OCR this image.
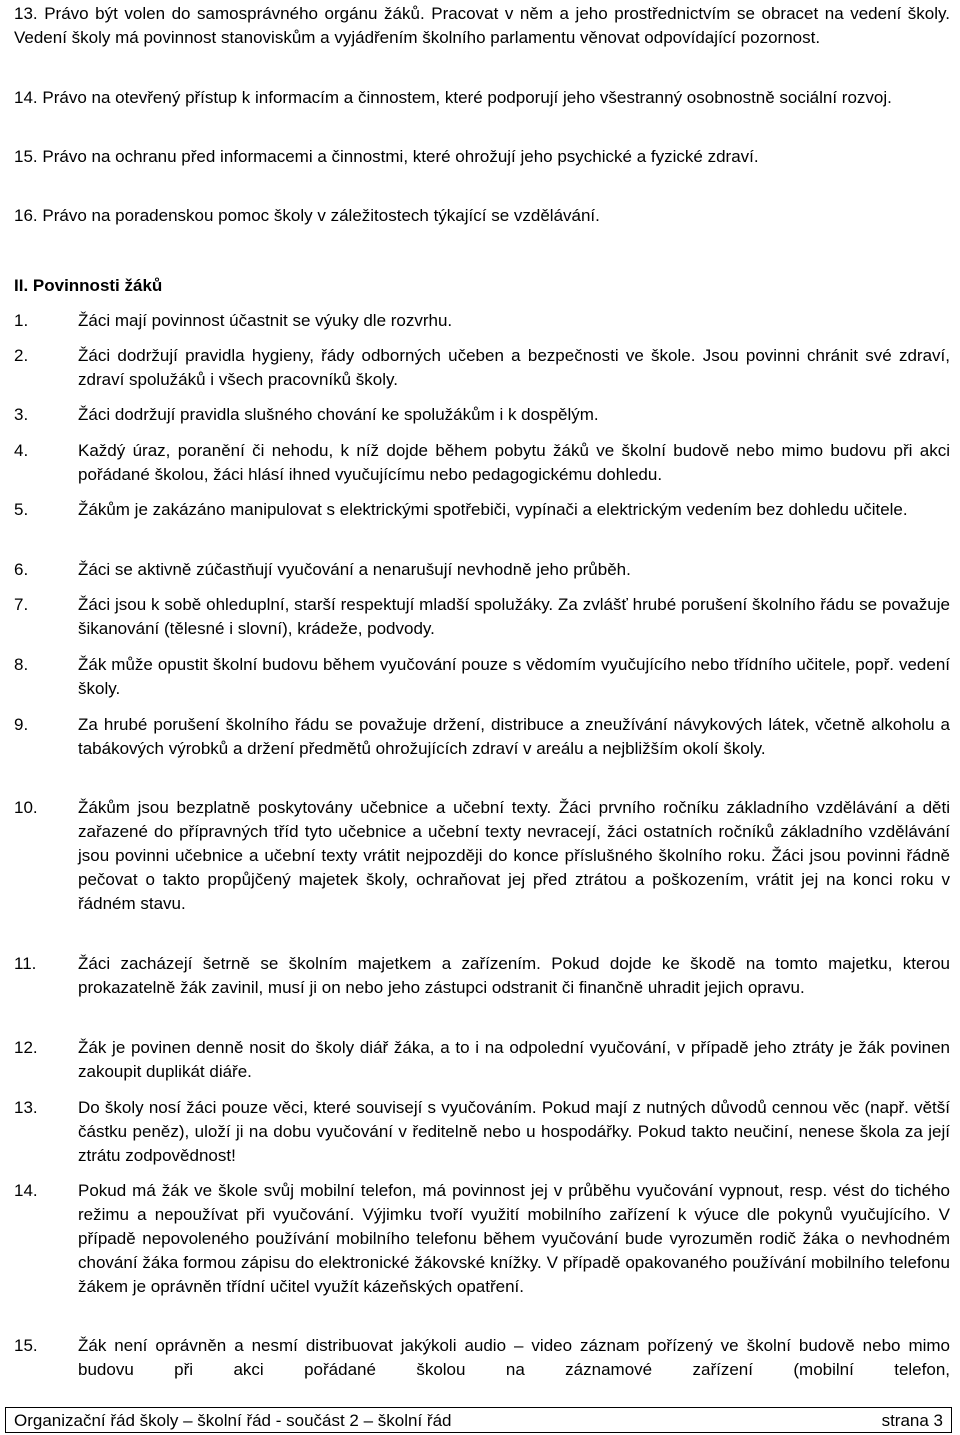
13. Právo být volen do samosprávného orgánu žáků. Pracovat v něm a jeho prostřednictvím se obracet na vedení školy. Vedení školy má povinnost stanoviskům a vyjádřením školního parlamentu věnovat odpovídající pozornost.
14. Právo na otevřený přístup k informacím a činnostem, které podporují jeho všestranný osobnostně sociální rozvoj.
15. Právo na ochranu před informacemi a činnostmi, které ohrožují jeho psychické a fyzické zdraví.
16. Právo na poradenskou pomoc školy v záležitostech týkající se vzdělávání.
II. Povinnosti žáků
1.	Žáci mají povinnost účastnit se výuky dle rozvrhu.
2.	Žáci dodržují pravidla hygieny, řády odborných učeben a bezpečnosti ve škole. Jsou povinni chránit své zdraví, zdraví spolužáků i všech pracovníků školy.
3.	Žáci dodržují pravidla slušného chování ke spolužákům i k dospělým.
4.	Každý úraz, poranění či nehodu, k níž dojde během pobytu žáků ve školní budově nebo mimo budovu při akci pořádané školou, žáci hlásí ihned vyučujícímu nebo pedagogickému dohledu.
5.	Žákům je zakázáno manipulovat s elektrickými spotřebiči, vypínači a elektrickým vedením bez dohledu učitele.
6.	Žáci se aktivně zúčastňují vyučování a nenarušují nevhodně jeho průběh.
7.	Žáci jsou k sobě ohleduplní, starší respektují mladší spolužáky. Za zvlášť hrubé porušení školního řádu se považuje šikanování (tělesné i slovní), krádeže, podvody.
8.	Žák může opustit školní budovu během vyučování pouze s vědomím vyučujícího nebo třídního učitele, popř. vedení školy.
9.	Za hrubé porušení školního řádu se považuje držení, distribuce a zneužívání návykových látek, včetně alkoholu a tabákových výrobků a držení předmětů ohrožujících zdraví v areálu a nejbližším okolí školy.
10. Žákům jsou bezplatně poskytovány učebnice a učební texty. Žáci prvního ročníku základního vzdělávání a děti zařazené do přípravných tříd tyto učebnice a učební texty nevracejí, žáci ostatních ročníků základního vzdělávání jsou povinni učebnice a učební texty vrátit nejpozději do konce příslušného školního roku. Žáci jsou povinni řádně pečovat o takto propůjčený majetek školy, ochraňovat jej před ztrátou a poškozením, vrátit jej na konci roku v řádném stavu.
11. Žáci zacházejí šetrně se školním majetkem a zařízením. Pokud dojde ke škodě na tomto majetku, kterou prokazatelně žák zavinil, musí ji on nebo jeho zástupci odstranit či finančně uhradit jejich opravu.
12. Žák je povinen denně nosit do školy diář žáka, a to i na odpolední vyučování, v případě jeho ztráty je žák povinen zakoupit duplikát diáře.
13. Do školy nosí žáci pouze věci, které souvisejí s vyučováním. Pokud mají z nutných důvodů cennou věc (např. větší částku peněz), uloží ji na dobu vyučování v ředitelně nebo u hospodářky. Pokud takto neučiní, nenese škola za její ztrátu zodpovědnost!
14. Pokud má žák ve škole svůj mobilní telefon, má povinnost jej v průběhu vyučování vypnout, resp. vést do tichého režimu a nepoužívat při vyučování. Výjimku tvoří využití mobilního zařízení k výuce dle pokynů vyučujícího. V případě nepovoleného používání mobilního telefonu během vyučování bude vyrozuměn rodič žáka o nevhodném chování žáka formou zápisu do elektronické žákovské knížky. V případě opakovaného používání mobilního telefonu žákem je oprávněn třídní učitel využít kázeňských opatření.
15. Žák není oprávněn a nesmí distribuovat jakýkoli audio – video záznam pořízený ve školní budově nebo mimo budovu při akci pořádané školou na záznamové zařízení (mobilní telefon,
Organizační řád školy – školní řád - součást 2 – školní řád	strana 3
